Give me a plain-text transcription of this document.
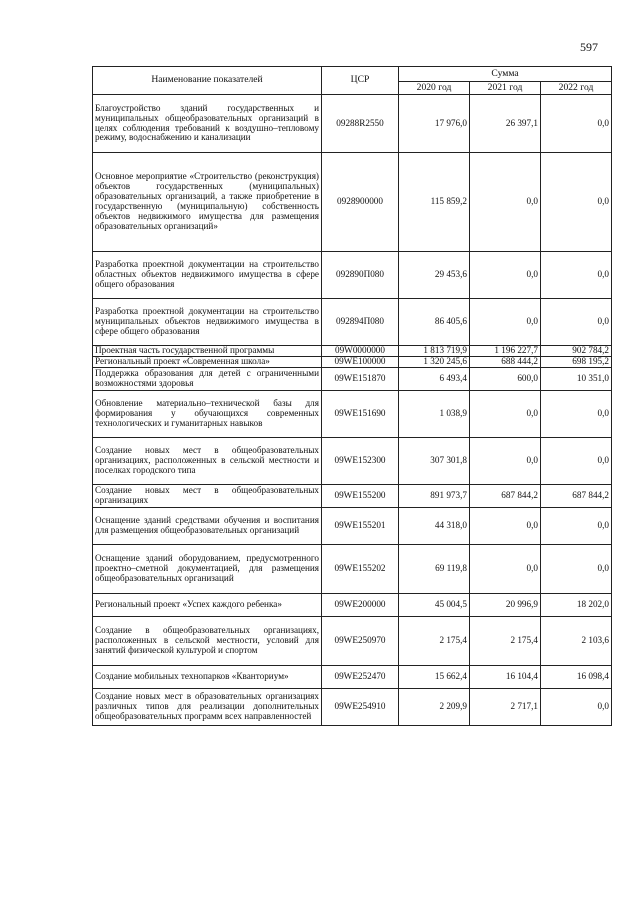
597
Наименование показателей	ЦСР	Сумма		
		2020 год	2021 год	2022 год
Благоустройство зданий государственных и муниципальных общеобразовательных организаций в целях соблюдения требований к воздушно–тепловому режиму, водоснабжению и канализации	09288R2550	17 976,0	26 397,1	0,0
Основное мероприятие «Строительство (реконструкция) объектов государственных (муниципальных) образовательных организаций, а также приобретение в государственную (муниципальную) собственность объектов недвижимого имущества для размещения образовательных организаций»	0928900000	115 859,2	0,0	0,0
Разработка проектной документации на строительство областных объектов недвижимого имущества в сфере общего образования	092890П080	29 453,6	0,0	0,0
Разработка проектной документации на строительство муниципальных объектов недвижимого имущества в сфере общего образования	092894П080	86 405,6	0,0	0,0
Проектная часть государственной программы	09W0000000	1 813 719,9	1 196 227,7	902 784,2
Региональный проект «Современная школа»	09WE100000	1 320 245,6	688 444,2	698 195,2
Поддержка образования для детей с ограниченными возможностями здоровья	09WE151870	6 493,4	600,0	10 351,0
Обновление материально–технической базы для формирования у обучающихся современных технологических и гуманитарных навыков	09WE151690	1 038,9	0,0	0,0
Создание новых мест в общеобразовательных организациях, расположенных в сельской местности и поселках городского типа	09WE152300	307 301,8	0,0	0,0
Создание новых мест в общеобразовательных организациях	09WE155200	891 973,7	687 844,2	687 844,2
Оснащение зданий средствами обучения и воспитания для размещения общеобразовательных организаций	09WE155201	44 318,0	0,0	0,0
Оснащение зданий оборудованием, предусмотренного проектно–сметной документацией, для размещения общеобразовательных организаций	09WE155202	69 119,8	0,0	0,0
Региональный проект «Успех каждого ребенка»	09WE200000	45 004,5	20 996,9	18 202,0
Создание в общеобразовательных организациях, расположенных в сельской местности, условий для занятий физической культурой и спортом	09WE250970	2 175,4	2 175,4	2 103,6
Создание мобильных технопарков «Кванториум»	09WE252470	15 662,4	16 104,4	16 098,4
Создание новых мест в образовательных организациях различных типов для реализации дополнительных общеобразовательных программ всех направленностей	09WE254910	2 209,9	2 717,1	0,0
